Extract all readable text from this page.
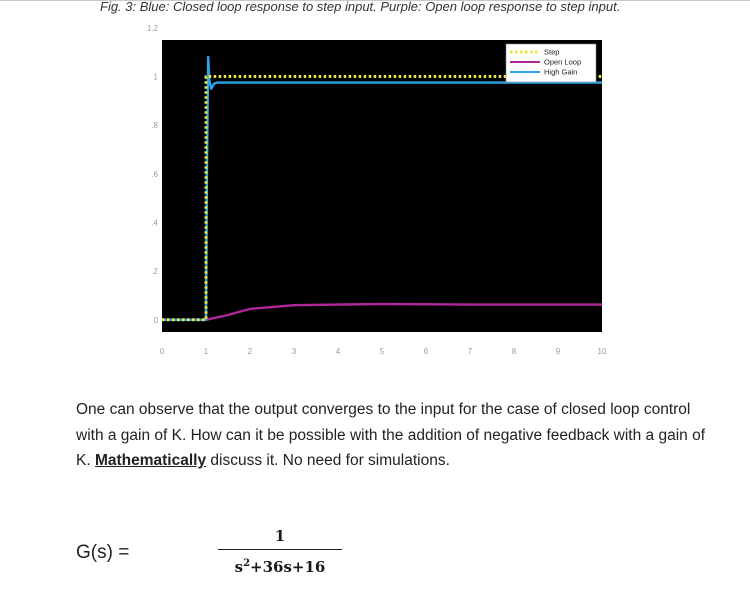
Fig. 3: Blue: Closed loop response to step input. Purple: Open loop response to step input.
0
.2
.4
.6
.8
1
1.2
0	1	2	3	4	5	6	7	8	9	10
Step
Open Loop
High Gain
One can observe that the output converges to the input for the case of closed loop control with a gain of K. How can it be possible with the addition of negative feedback with a gain of K. Mathematically discuss it. No need for simulations.
G(s) =
1
$s^2+36s+16$
